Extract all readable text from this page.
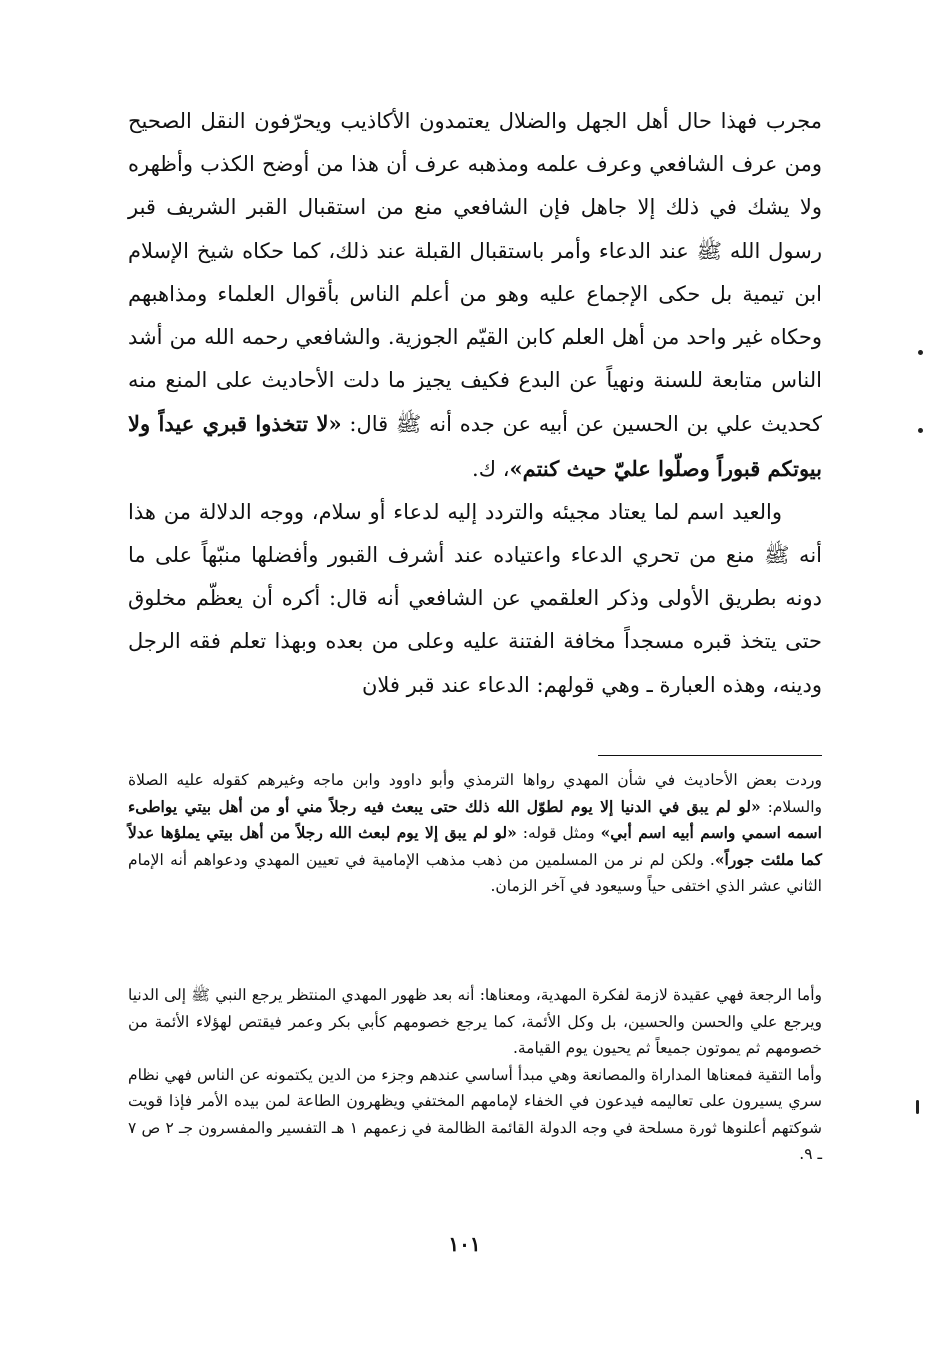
مجرب فهذا حال أهل الجهل والضلال يعتمدون الأكاذيب ويحرّفون النقل الصحيح ومن عرف الشافعي وعرف علمه ومذهبه عرف أن هذا من أوضح الكذب وأظهره ولا يشك في ذلك إلا جاهل فإن الشافعي منع من استقبال القبر الشريف قبر رسول الله ﷺ عند الدعاء وأمر باستقبال القبلة عند ذلك، كما حكاه شيخ الإسلام ابن تيمية بل حكى الإجماع عليه وهو من أعلم الناس بأقوال العلماء ومذاهبهم وحكاه غير واحد من أهل العلم كابن القيّم الجوزية. والشافعي رحمه الله من أشد الناس متابعة للسنة ونهياً عن البدع فكيف يجيز ما دلت الأحاديث على المنع منه كحديث علي بن الحسين عن أبيه عن جده أنه ﷺ قال: «لا تتخذوا قبري عيداً ولا بيوتكم قبوراً وصلّوا عليّ حيث كنتم»، ك.

والعيد اسم لما يعتاد مجيئه والتردد إليه لدعاء أو سلام، ووجه الدلالة من هذا أنه ﷺ منع من تحري الدعاء واعتياده عند أشرف القبور وأفضلها منبّهاً على ما دونه بطريق الأولى وذكر العلقمي عن الشافعي أنه قال: أكره أن يعظّم مخلوق حتى يتخذ قبره مسجداً مخافة الفتنة عليه وعلى من بعده وبهذا تعلم فقه الرجل ودينه، وهذه العبارة ـ وهي قولهم: الدعاء عند قبر فلان

وردت بعض الأحاديث في شأن المهدي رواها الترمذي وأبو داوود وابن ماجه وغيرهم كقوله عليه الصلاة والسلام: «لو لم يبق في الدنيا إلا يوم لطوّل الله ذلك حتى يبعث فيه رجلاً مني أو من أهل بيتي يواطىء اسمه اسمي واسم أبيه اسم أبي» ومثل قوله: «لو لم يبق إلا يوم لبعث الله رجلاً من أهل بيتي يملؤها عدلاً كما ملئت جوراً». ولكن لم نر من المسلمين من ذهب مذهب الإمامية في تعيين المهدي ودعواهم أنه الإمام الثاني عشر الذي اختفى حياً وسيعود في آخر الزمان.

وأما الرجعة فهي عقيدة لازمة لفكرة المهدية، ومعناها: أنه بعد ظهور المهدي المنتظر يرجع النبي ﷺ إلى الدنيا ويرجع علي والحسن والحسين، بل وكل الأئمة، كما يرجع خصومهم كأبي بكر وعمر فيقتص لهؤلاء الأئمة من خصومهم ثم يموتون جميعاً ثم يحيون يوم القيامة.

وأما التقية فمعناها المداراة والمصانعة وهي مبدأ أساسي عندهم وجزء من الدين يكتمونه عن الناس فهي نظام سري يسيرون على تعاليمه فيدعون في الخفاء لإمامهم المختفي ويظهرون الطاعة لمن بيده الأمر فإذا قويت شوكتهم أعلنوها ثورة مسلحة في وجه الدولة القائمة الظالمة في زعمهم ١ هـ التفسير والمفسرون جـ ٢ ص ٧ ـ ٩.

١٠١
